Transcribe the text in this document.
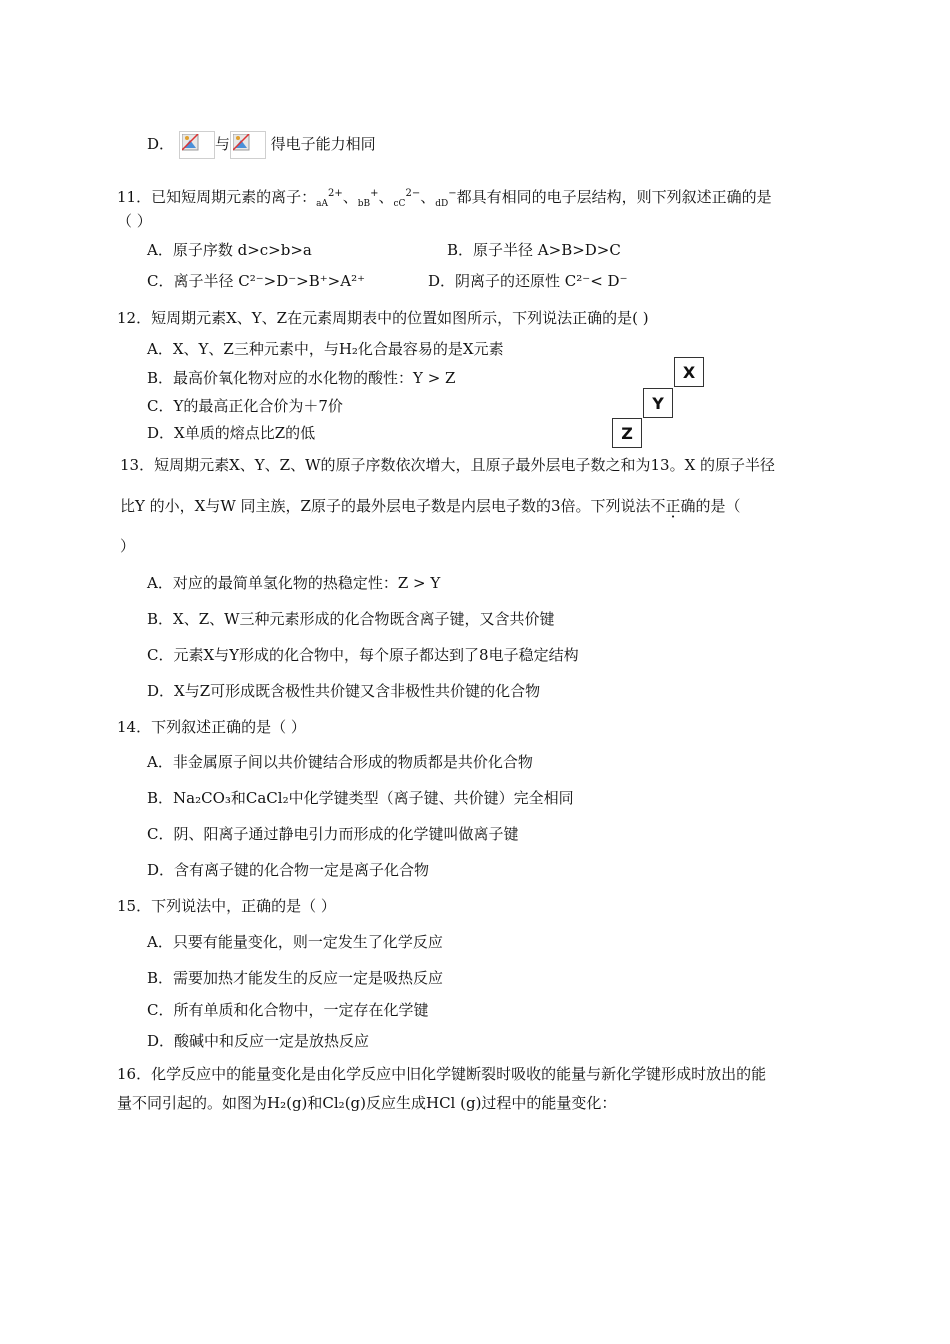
D．	与	得电子能力相同
11．已知短周期元素的离子：$_{aA}^{2+}$、$_{bB}$+、$_{cC}^{2-}$、$_{dD}$−都具有相同的电子层结构，则下列叙述正确的是
（ ）
A．原子序数 d>c>b>a	B．原子半径 A>B>D>C
C．离子半径 C²⁻>D⁻>B⁺>A²⁺	D．阴离子的还原性 C²⁻< D⁻
12．短周期元素X、Y、Z在元素周期表中的位置如图所示，下列说法正确的是( )
A．X、Y、Z三种元素中，与H₂化合最容易的是X元素
B．最高价氧化物对应的水化物的酸性：Y > Z
C．Y的最高正化合价为＋7价
D．X单质的熔点比Z的低
X
Y
Z
13．短周期元素X、Y、Z、W的原子序数依次增大，且原子最外层电子数之和为13。X 的原子半径
比Y 的小，X与W 同主族，Z原子的最外层电子数是内层电子数的3倍。下列说法不正确的是（
）
A．对应的最简单氢化物的热稳定性：Z > Y
B．X、Z、W三种元素形成的化合物既含离子键，又含共价键
C．元素X与Y形成的化合物中，每个原子都达到了8电子稳定结构
D．X与Z可形成既含极性共价键又含非极性共价键的化合物
14．下列叙述正确的是（ ）
A．非金属原子间以共价键结合形成的物质都是共价化合物
B．Na₂CO₃和CaCl₂中化学键类型（离子键、共价键）完全相同
C．阴、阳离子通过静电引力而形成的化学键叫做离子键
D．含有离子键的化合物一定是离子化合物
15．下列说法中，正确的是（ ）
A．只要有能量变化，则一定发生了化学反应
B．需要加热才能发生的反应一定是吸热反应
C．所有单质和化合物中，一定存在化学键
D．酸碱中和反应一定是放热反应
16．化学反应中的能量变化是由化学反应中旧化学键断裂时吸收的能量与新化学键形成时放出的能
量不同引起的。如图为H₂(g)和Cl₂(g)反应生成HCl (g)过程中的能量变化：
